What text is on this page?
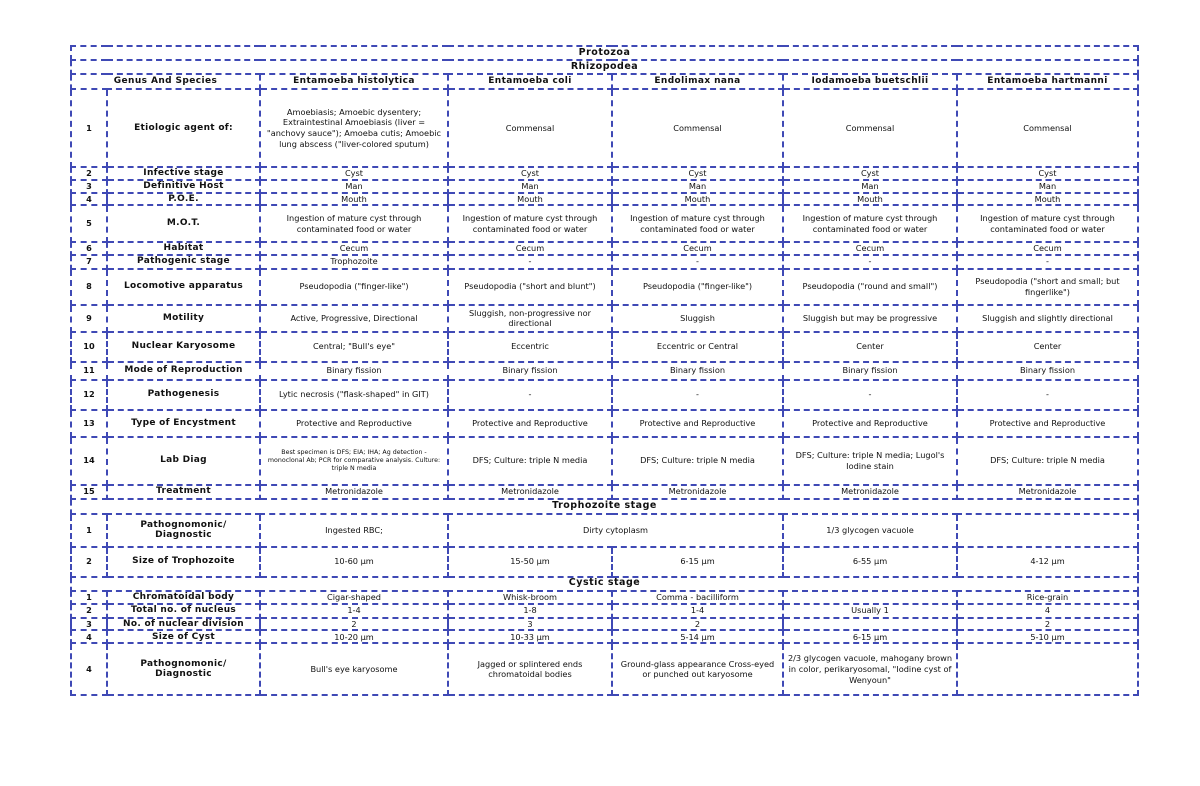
Protozoa						
Rhizopodea						
Genus And Species		Entamoeba histolytica	Entamoeba coli	Endolimax nana	Iodamoeba buetschlii	Entamoeba hartmanni
1	Etiologic agent of:	Amoebiasis; Amoebic dysentery; Extraintestinal Amoebiasis (liver = "anchovy sauce"); Amoeba cutis; Amoebic lung abscess ("liver-colored sputum)	Commensal	Commensal	Commensal	Commensal
2	Infective stage	Cyst	Cyst	Cyst	Cyst	Cyst
3	Definitive Host	Man	Man	Man	Man	Man
4	P.O.E.	Mouth	Mouth	Mouth	Mouth	Mouth
5	M.O.T.	Ingestion of mature cyst through contaminated food or water	Ingestion of mature cyst through contaminated food or water	Ingestion of mature cyst through contaminated food or water	Ingestion of mature cyst through contaminated food or water	Ingestion of mature cyst through contaminated food or water
6	Habitat	Cecum	Cecum	Cecum	Cecum	Cecum
7	Pathogenic stage	Trophozoite	-	-	-	-
8	Locomotive apparatus	Pseudopodia ("finger-like")	Pseudopodia ("short and blunt")	Pseudopodia ("finger-like")	Pseudopodia ("round and small")	Pseudopodia ("short and small; but fingerlike")
9	Motility	Active, Progressive, Directional	Sluggish, non-progressive nor directional	Sluggish	Sluggish but may be progressive	Sluggish and slightly directional
10	Nuclear Karyosome	Central; "Bull's eye"	Eccentric	Eccentric or Central	Center	Center
11	Mode of Reproduction	Binary fission	Binary fission	Binary fission	Binary fission	Binary fission
12	Pathogenesis	Lytic necrosis ("flask-shaped" in GIT)	-	-	-	-
13	Type of Encystment	Protective and Reproductive	Protective and Reproductive	Protective and Reproductive	Protective and Reproductive	Protective and Reproductive
14	Lab Diag	Best specimen is DFS; EIA; IHA; Ag detection - monoclonal Ab; PCR for comparative analysis. Culture: triple N media	DFS; Culture: triple N media	DFS; Culture: triple N media	DFS; Culture: triple N media; Lugol's Iodine stain	DFS; Culture: triple N media
15	Treatment	Metronidazole	Metronidazole	Metronidazole	Metronidazole	Metronidazole
Trophozoite stage						
1	Pathognomonic/ Diagnostic	Ingested RBC;	Dirty cytoplasm		1/3 glycogen vacuole	
2	Size of Trophozoite	10-60 µm	15-50 µm	6-15 µm	6-55 µm	4-12 µm
Cystic stage						
1	Chromatoidal body	Cigar-shaped	Whisk-broom	Comma - bacilliform		Rice-grain
2	Total no. of nucleus	1-4	1-8	1-4	Usually 1	4
3	No. of nuclear division	2	3	2		2
4	Size of Cyst	10-20 µm	10-33 µm	5-14 µm	6-15 µm	5-10 µm
4	Pathognomonic/ Diagnostic	Bull's eye karyosome	Jagged or splintered ends chromatoidal bodies	Ground-glass appearance Cross-eyed or punched out karyosome	2/3 glycogen vacuole, mahogany brown in color, perikaryosomal, "Iodine cyst of Wenyoun"	
